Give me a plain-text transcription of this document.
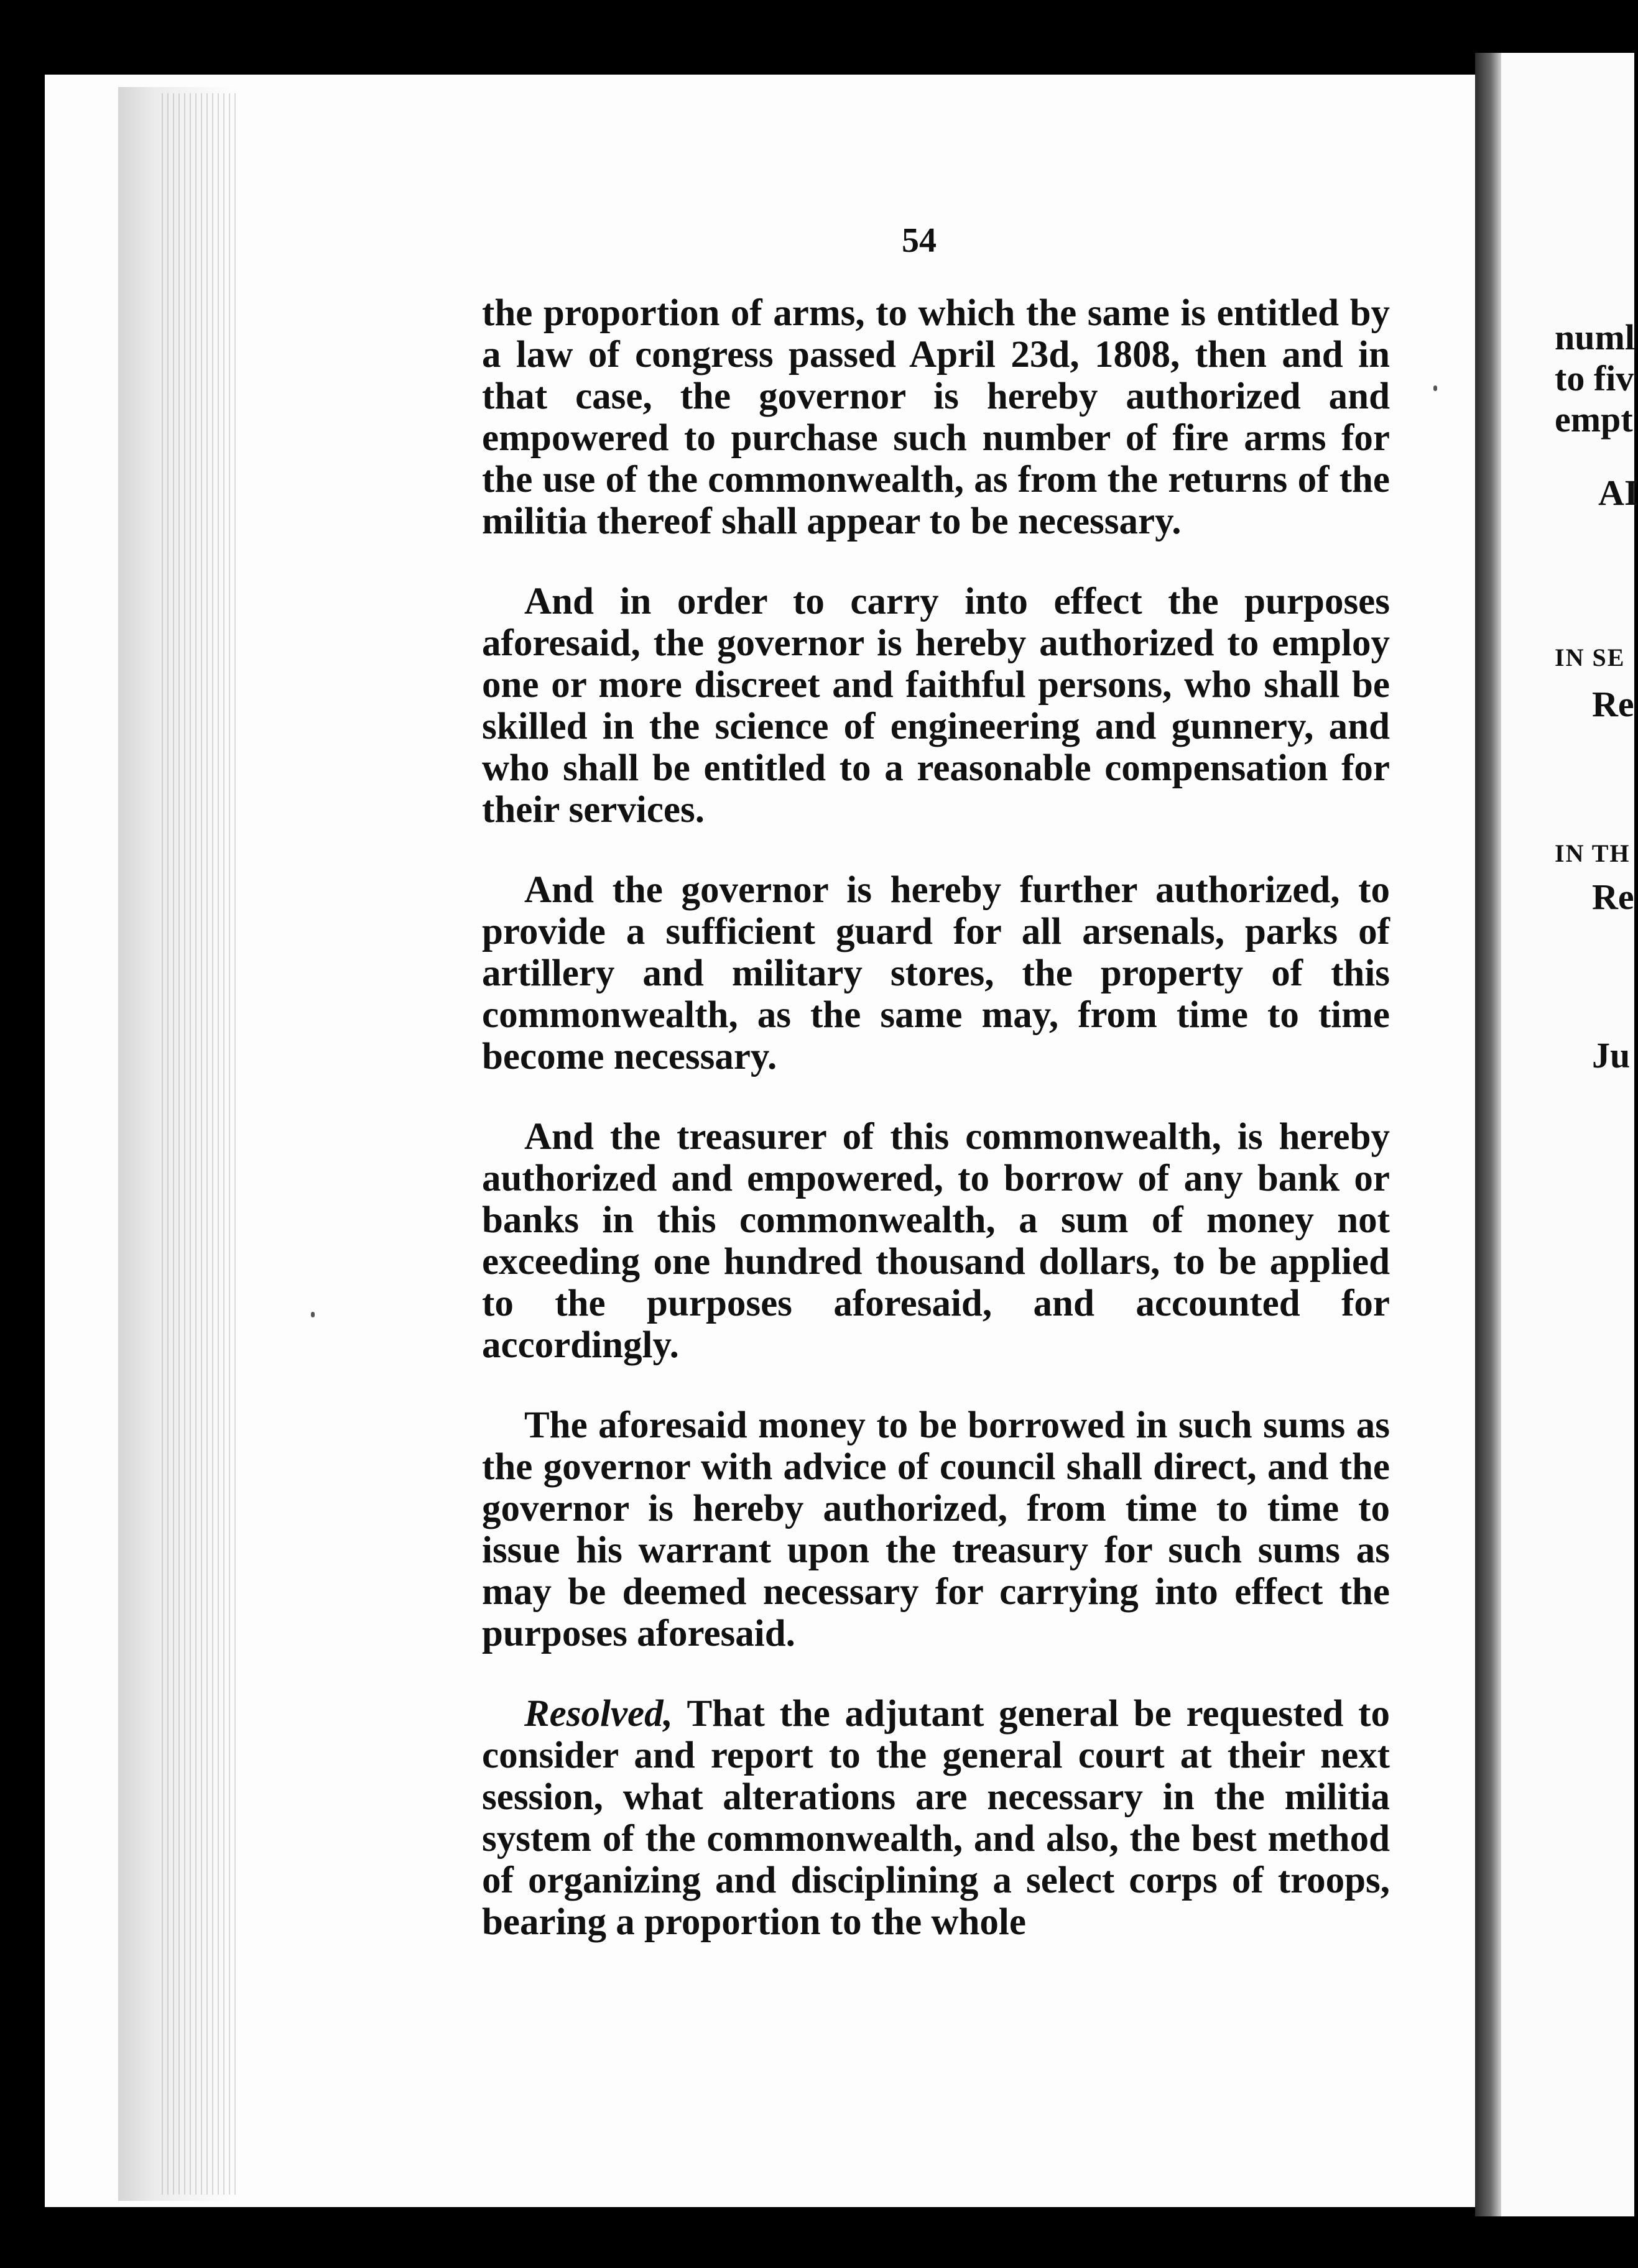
54

the proportion of arms, to which the same is entitled by a law of congress passed April 23d, 1808, then and in that case, the governor is hereby authorized and empowered to purchase such number of fire arms for the use of the commonwealth, as from the returns of the militia thereof shall appear to be necessary.

And in order to carry into effect the purposes aforesaid, the governor is hereby authorized to employ one or more discreet and faithful persons, who shall be skilled in the science of engineering and gunnery, and who shall be entitled to a reasonable compensation for their services.

And the governor is hereby further authorized, to provide a sufficient guard for all arsenals, parks of artillery and military stores, the property of this commonwealth, as the same may, from time to time become necessary.

And the treasurer of this commonwealth, is hereby authorized and empowered, to borrow of any bank or banks in this commonwealth, a sum of money not exceeding one hundred thousand dollars, to be applied to the purposes aforesaid, and accounted for accordingly.

The aforesaid money to be borrowed in such sums as the governor with advice of council shall direct, and the governor is hereby authorized, from time to time to issue his warrant upon the treasury for such sums as may be deemed necessary for carrying into effect the purposes aforesaid.

Resolved, That the adjutant general be requested to consider and report to the general court at their next session, what alterations are necessary in the militia system of the commonwealth, and also, the best method of organizing and disciplining a select corps of troops, bearing a proportion to the whole

numl
to fiv
empt
AI
IN SE
Re
IN TH
Re
Ju
